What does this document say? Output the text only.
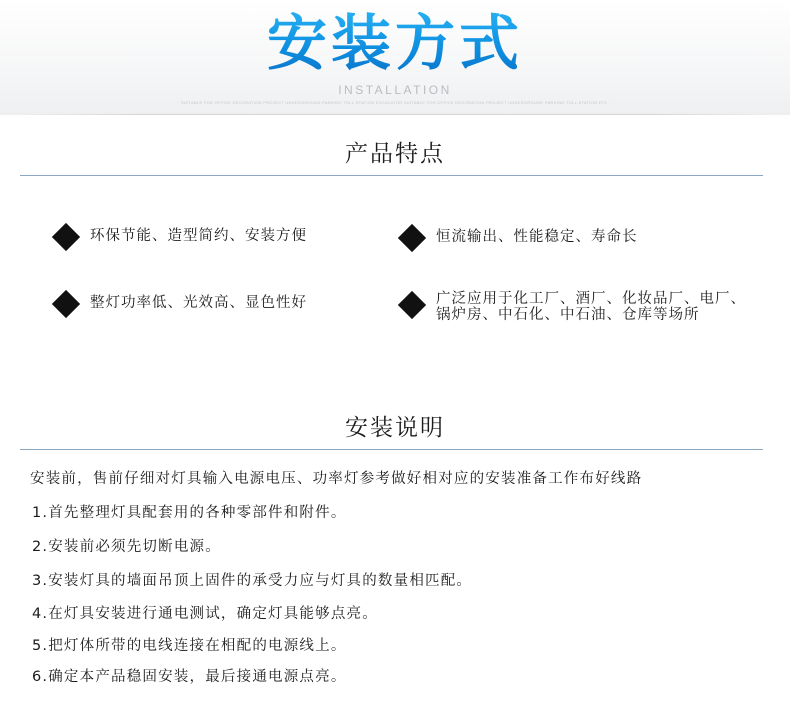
安装方式
INSTALLATION
SUITABLE FOR OFFICE DECORATION PROJECT UNDERGROUND PARKING TOLL STATION ESCALATOR SUITABLE FOR OFFICE DECORATION PROJECT UNDERGROUND PARKING TOLL STATION ETC.
产品特点
环保节能、造型简约、安装方便	恒流输出、性能稳定、寿命长
整灯功率低、光效高、显色性好	广泛应用于化工厂、酒厂、化妆品厂、电厂、
锅炉房、中石化、中石油、仓库等场所
安装说明
安装前，售前仔细对灯具输入电源电压、功率灯参考做好相对应的安装准备工作布好线路
1.首先整理灯具配套用的各种零部件和附件。
2.安装前必须先切断电源。
3.安装灯具的墙面吊顶上固件的承受力应与灯具的数量相匹配。
4.在灯具安装进行通电测试，确定灯具能够点亮。
5.把灯体所带的电线连接在相配的电源线上。
6.确定本产品稳固安装，最后接通电源点亮。
